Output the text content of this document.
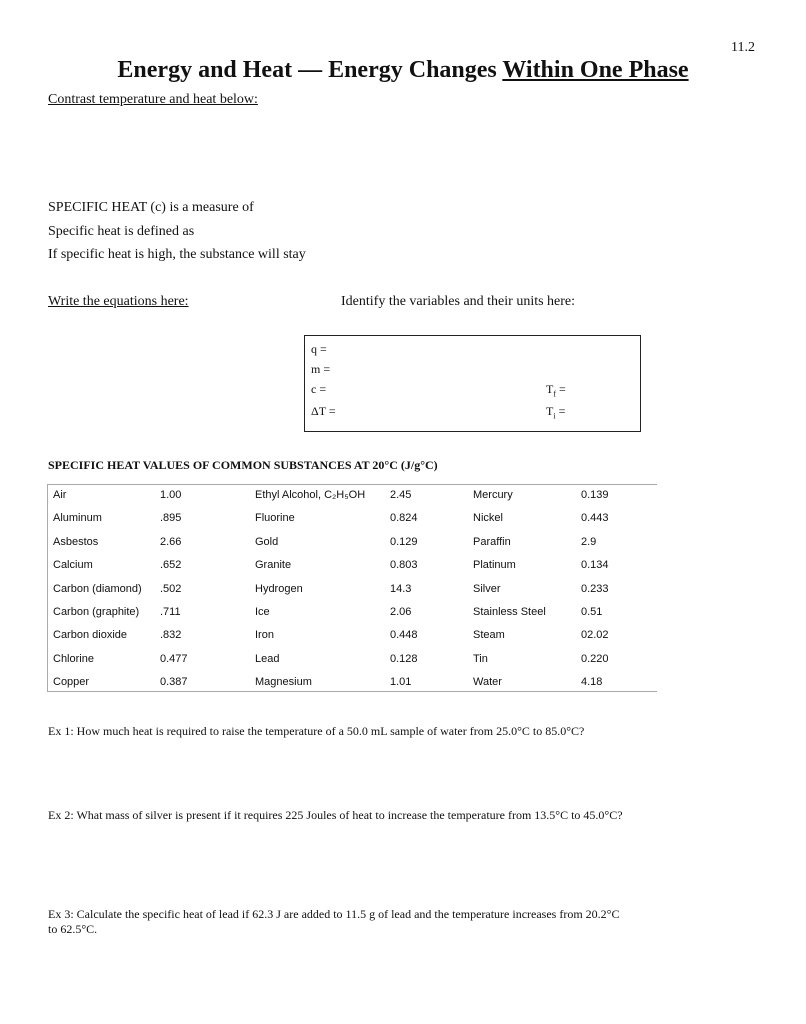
11.2
Energy and Heat — Energy Changes Within One Phase
Contrast temperature and heat below:
SPECIFIC HEAT (c) is a measure of
Specific heat is defined as
If specific heat is high, the substance will stay
Write the equations here:	Identify the variables and their units here:
q =
m =
c =
ΔT =
$T_f$ =
$T_i$ =
SPECIFIC HEAT VALUES OF COMMON SUBSTANCES AT 20°C (J/g°C)
Air	1.00	Ethyl Alcohol, C₂H₅OH 2.45	Mercury	0.139
Aluminum	.895	Fluorine	0.824	Nickel	0.443
Asbestos	2.66	Gold	0.129	Paraffin	2.9
Calcium	.652	Granite	0.803	Platinum	0.134
Carbon (diamond) .502	Hydrogen	14.3	Silver	0.233
Carbon (graphite) .711	Ice	2.06	Stainless Steel	0.51
Carbon dioxide	.832	Iron	0.448	Steam	02.02
Chlorine	0.477	Lead	0.128	Tin	0.220
Copper	0.387	Magnesium	1.01	Water	4.18
Ex 1: How much heat is required to raise the temperature of a 50.0 mL sample of water from 25.0°C to 85.0°C?
Ex 2: What mass of silver is present if it requires 225 Joules of heat to increase the temperature from 13.5°C to 45.0°C?
Ex 3: Calculate the specific heat of lead if 62.3 J are added to 11.5 g of lead and the temperature increases from 20.2°C
to 62.5°C.
